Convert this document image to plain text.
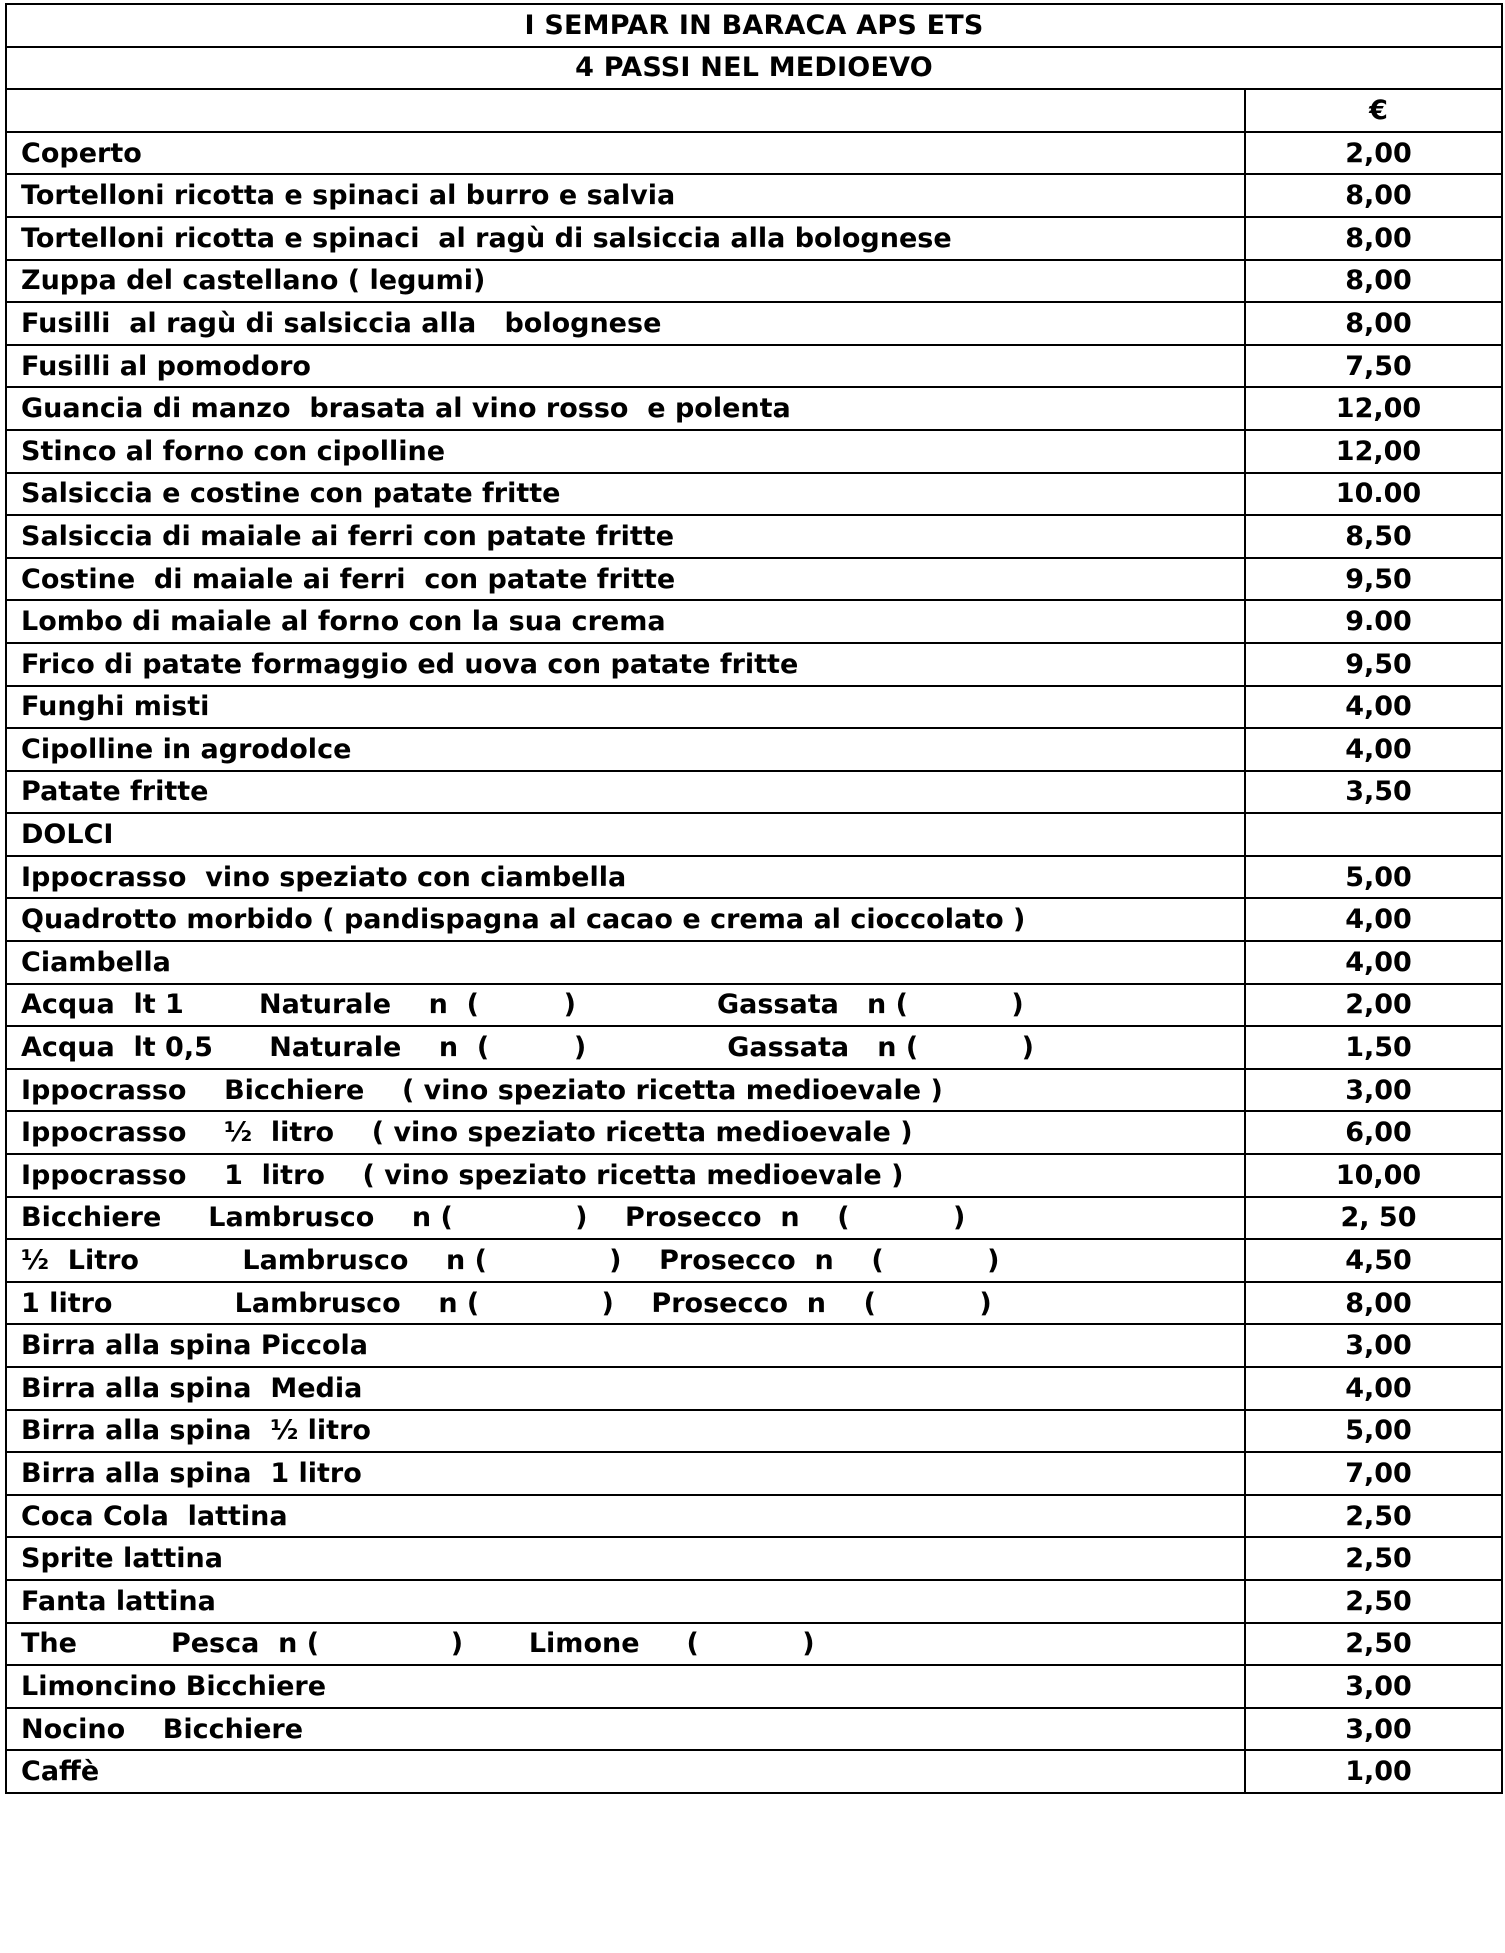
I SEMPAR IN BARACA APS ETS	
4 PASSI NEL MEDIOEVO	
	€
Coperto	2,00
Tortelloni ricotta e spinaci al burro e salvia	8,00
Tortelloni ricotta e spinaci  al ragù di salsiccia alla bolognese	8,00
Zuppa del castellano ( legumi)	8,00
Fusilli  al ragù di salsiccia alla   bolognese	8,00
Fusilli al pomodoro	7,50
Guancia di manzo  brasata al vino rosso  e polenta	12,00
Stinco al forno con cipolline	12,00
Salsiccia e costine con patate fritte	10.00
Salsiccia di maiale ai ferri con patate fritte	8,50
Costine  di maiale ai ferri  con patate fritte	9,50
Lombo di maiale al forno con la sua crema	9.00
Frico di patate formaggio ed uova con patate fritte	9,50
Funghi misti	4,00
Cipolline in agrodolce	4,00
Patate fritte	3,50
DOLCI	
Ippocrasso  vino speziato con ciambella	5,00
Quadrotto morbido ( pandispagna al cacao e crema al cioccolato )	4,00
Ciambella	4,00
Acqua  lt 1        Naturale    n  (         )               Gassata   n (           )	2,00
Acqua  lt 0,5      Naturale    n  (         )               Gassata   n (           )	1,50
Ippocrasso    Bicchiere    ( vino speziato ricetta medioevale )	3,00
Ippocrasso    ½  litro    ( vino speziato ricetta medioevale )	6,00
Ippocrasso    1  litro    ( vino speziato ricetta medioevale )	10,00
Bicchiere     Lambrusco    n (             )    Prosecco  n    (           )	2, 50
½  Litro           Lambrusco    n (             )    Prosecco  n    (           )	4,50
1 litro             Lambrusco    n (             )    Prosecco  n    (           )	8,00
Birra alla spina Piccola	3,00
Birra alla spina  Media	4,00
Birra alla spina  ½ litro	5,00
Birra alla spina  1 litro	7,00
Coca Cola  lattina	2,50
Sprite lattina	2,50
Fanta lattina	2,50
The          Pesca  n (              )       Limone     (           )	2,50
Limoncino Bicchiere	3,00
Nocino    Bicchiere	3,00
Caffè	1,00
